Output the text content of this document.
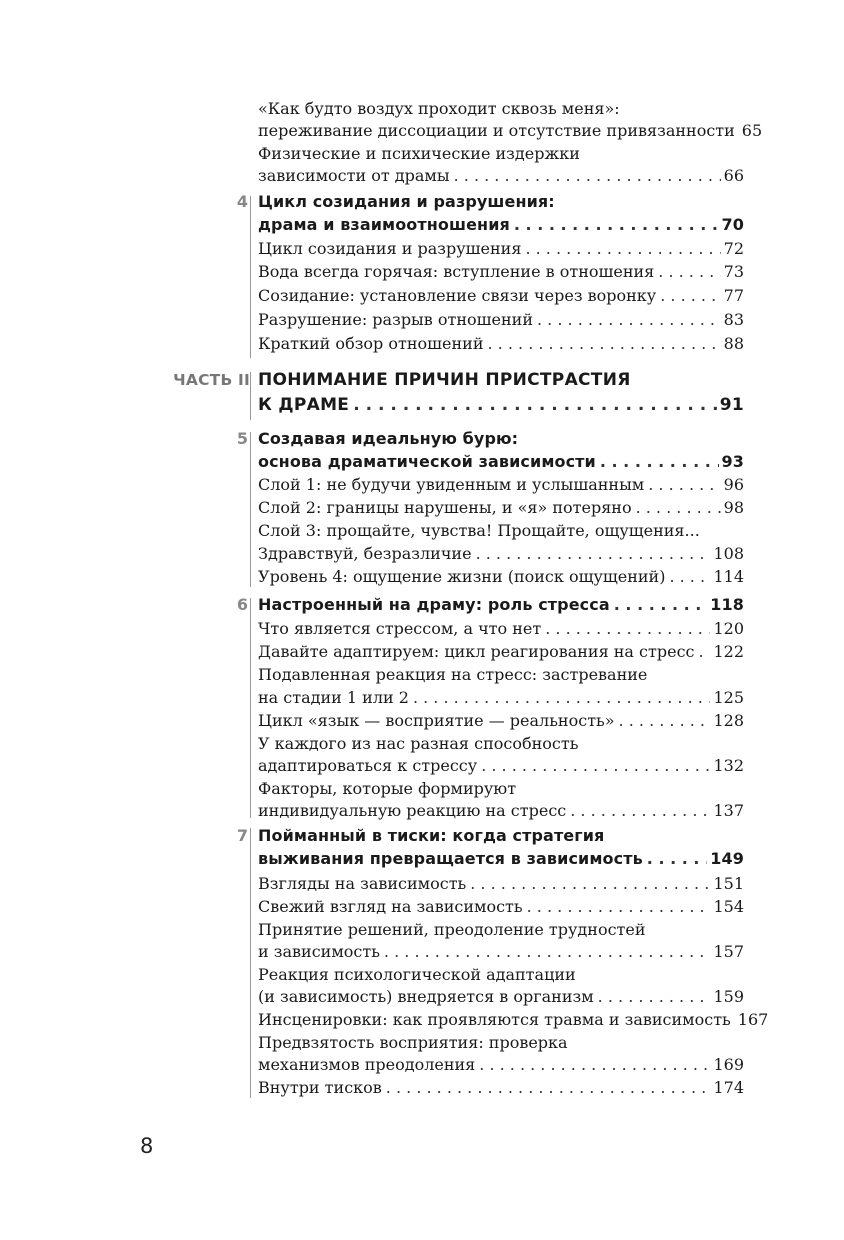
«Как будто воздух проходит сквозь меня»:
переживание диссоциации и отсутствие привязанности 65
Физические и психические издержки
зависимости от драмы . . .	66
4 Цикл созидания и разрушения:
драма и взаимоотношения . . .	70
Цикл созидания и разрушения . . .	72
Вода всегда горячая: вступление в отношения . . .	73
Созидание: установление связи через воронку . . .	77
Разрушение: разрыв отношений . . .	83
Краткий обзор отношений . . .	88
ЧАСТЬ II ПОНИМАНИЕ ПРИЧИН ПРИСТРАСТИЯ
К ДРАМЕ . . .	91
5 Создавая идеальную бурю:
основа драматической зависимости . . .	93
Слой 1: не будучи увиденным и услышанным . . .	96
Слой 2: границы нарушены, и «я» потеряно . . .	98
Слой 3: прощайте, чувства! Прощайте, ощущения...
Здравствуй, безразличие . . .	108
Уровень 4: ощущение жизни (поиск ощущений) . . .	114
6 Настроенный на драму: роль стресса . . .	118
Что является стрессом, а что нет . . .	120
Давайте адаптируем: цикл реагирования на стресс . . . 122
Подавленная реакция на стресс: застревание
на стадии 1 или 2 . . .	125
Цикл «язык — восприятие — реальность» . . .	128
У каждого из нас разная способность
адаптироваться к стрессу . . .	132
Факторы, которые формируют
индивидуальную реакцию на стресс . . .	137
7 Пойманный в тиски: когда стратегия
выживания превращается в зависимость . . .	149
Взгляды на зависимость . . .	151
Свежий взгляд на зависимость . . .	154
Принятие решений, преодоление трудностей
и зависимость . . .	157
Реакция психологической адаптации
(и зависимость) внедряется в организм . . .	159
Инсценировки: как проявляются травма и зависимость 167
Предвзятость восприятия: проверка
механизмов преодоления . . .	169
Внутри тисков . . .	174
8
